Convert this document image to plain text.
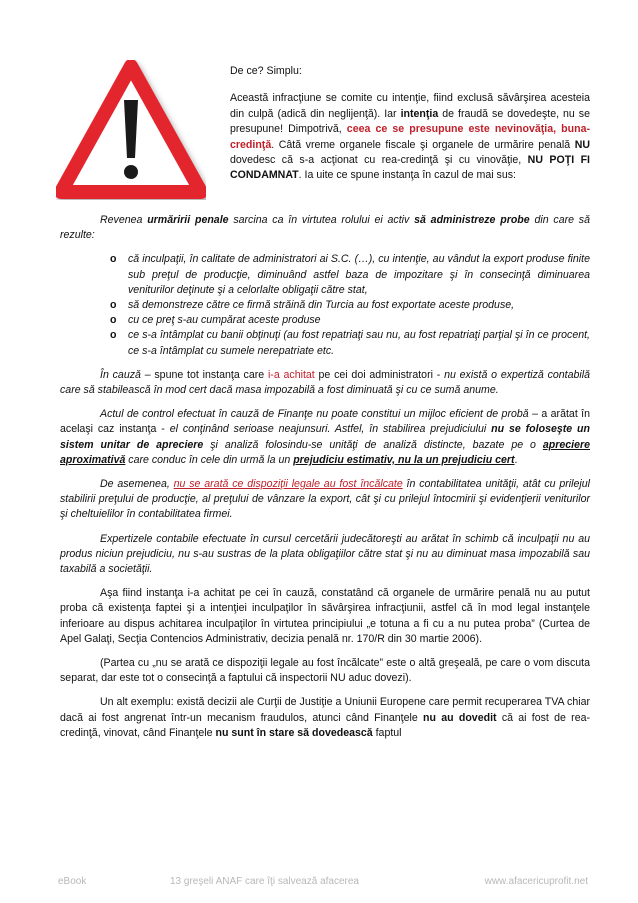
De ce? Simplu:

Această infracţiune se comite cu intenţie, fiind exclusă săvârşirea acesteia din culpă (adică din neglijenţă). Iar intenţia de fraudă se dovedeşte, nu se presupune! Dimpotrivă, ceea ce se presupune este nevinovăţia, buna-credinţă. Câtă vreme organele fiscale şi organele de urmărire penală NU dovedesc că s-a acţionat cu rea-credinţă şi cu vinovăţie, NU POŢI FI CONDAMNAT. Ia uite ce spune instanţa în cazul de mai sus:

Revenea urmăririi penale sarcina ca în virtutea rolului ei activ să administreze probe din care să rezulte:

o că inculpaţii, în calitate de administratori ai S.C. (…), cu intenţie, au vândut la export produse finite sub preţul de producţie, diminuând astfel baza de impozitare şi în consecinţă diminuarea veniturilor deţinute şi a celorlalte obligaţii către stat,
o să demonstreze către ce firmă străină din Turcia au fost exportate aceste produse,
o cu ce preţ s-au cumpărat aceste produse
o ce s-a întâmplat cu banii obţinuţi (au fost repatriaţi sau nu, au fost repatriaţi parţial şi în ce procent, ce s-a întâmplat cu sumele nerepatriate etc.

În cauză – spune tot instanţa care i-a achitat pe cei doi administratori - nu există o expertiză contabilă care să stabilească în mod cert dacă masa impozabilă a fost diminuată şi cu ce sumă anume.

Actul de control efectuat în cauză de Finanţe nu poate constitui un mijloc eficient de probă – a arătat în acelaşi caz instanţa - el conţinând serioase neajunsuri. Astfel, în stabilirea prejudiciului nu se foloseşte un sistem unitar de apreciere şi analiză folosindu-se unităţi de analiză distincte, bazate pe o apreciere aproximativă care conduc în cele din urmă la un prejudiciu estimativ, nu la un prejudiciu cert.

De asemenea, nu se arată ce dispoziţii legale au fost încălcate în contabilitatea unităţii, atât cu prilejul stabilirii preţului de producţie, al preţului de vânzare la export, cât şi cu prilejul întocmirii şi evidenţierii veniturilor şi cheltuielilor în contabilitatea firmei.

Expertizele contabile efectuate în cursul cercetării judecătoreşti au arătat în schimb că inculpaţii nu au produs niciun prejudiciu, nu s-au sustras de la plata obligaţiilor către stat şi nu au diminuat masa impozabilă sau taxabilă a societăţii.

Aşa fiind instanţa i-a achitat pe cei în cauză, constatând că organele de urmărire penală nu au putut proba că existenţa faptei şi a intenţiei inculpaţilor în săvârşirea infracţiunii, astfel că în mod legal instanţele inferioare au dispus achitarea inculpaţilor în virtutea principiului „e totuna a fi cu a nu putea proba” (Curtea de Apel Galaţi, Secţia Contencios Administrativ, decizia penală nr. 170/R din 30 martie 2006).

(Partea cu „nu se arată ce dispoziţii legale au fost încălcate” este o altă greşeală, pe care o vom discuta separat, dar este tot o consecinţă a faptului că inspectorii NU aduc dovezi).

Un alt exemplu: există decizii ale Curţii de Justiţie a Uniunii Europene care permit recuperarea TVA chiar dacă ai fost angrenat într-un mecanism fraudulos, atunci când Finanţele nu au dovedit că ai fost de rea-credinţă, vinovat, când Finanţele nu sunt în stare să dovedească faptul

eBook	13 greşeli ANAF care îţi salvează afacerea	www.afacericuprofit.net
